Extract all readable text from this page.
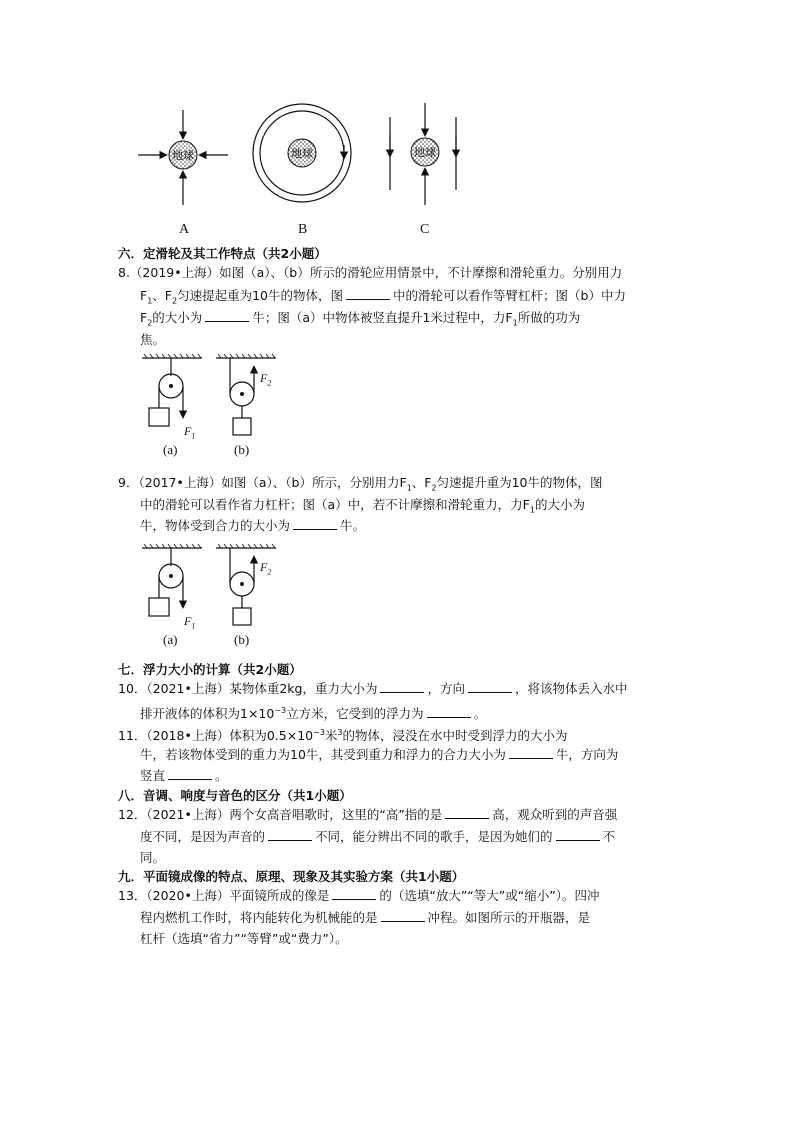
地球	地球	地球
A	B	C
六．定滑轮及其工作特点（共2小题）
8.（2019•上海）如图（a）、（b）所示的滑轮应用情景中，不计摩擦和滑轮重力。分别用力
$F_1$、$F_2$匀速提起重为10牛的物体，图	中的滑轮可以看作等臂杠杆；图（b）中力
$F_2$的大小为	牛；图（a）中物体被竖直提升1米过程中，力$F_1$所做的功为
焦。
$F_1$
$F_2$
(a)	(b)
9．（2017•上海）如图（a）、（b）所示，分别用力$F_1$、$F_2$匀速提升重为10牛的物体，图
中的滑轮可以看作省力杠杆；图（a）中，若不计摩擦和滑轮重力，力$F_1$的大小为
牛，物体受到合力的大小为	牛。
$F_1$
$F_2$
(a)	(b)
七．浮力大小的计算（共2小题）
10．（2021•上海）某物体重2kg，重力大小为	，方向	，将该物体丢入水中
排开液体的体积为$1\times 10^{-3}$立方米，它受到的浮力为	。
11．（2018•上海）体积为$0.5\times 10^{-3}$米$^3$的物体，浸没在水中时受到浮力的大小为
牛，若该物体受到的重力为10牛，其受到重力和浮力的合力大小为	牛，方向为
竖直	。
八．音调、响度与音色的区分（共1小题）
12．（2021•上海）两个女高音唱歌时，这里的“高”指的是	高，观众听到的声音强
度不同，是因为声音的	不同，能分辨出不同的歌手，是因为她们的	不
同。
九．平面镜成像的特点、原理、现象及其实验方案（共1小题）
13．（2020•上海）平面镜所成的像是	的（选填“放大”“等大”或“缩小”）。四冲
程内燃机工作时，将内能转化为机械能的是	冲程。如图所示的开瓶器，是
杠杆（选填“省力”“等臂”或“费力”）。
